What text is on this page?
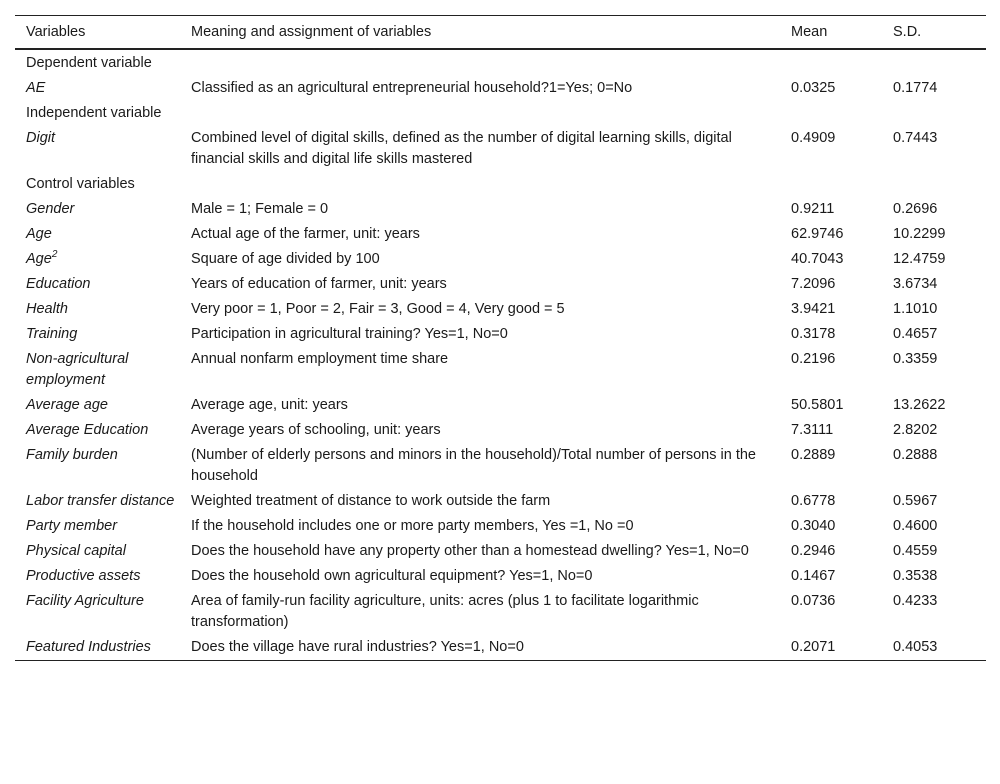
Variables	Meaning and assignment of variables	Mean	S.D.
Dependent variable			
AE	Classified as an agricultural entrepreneurial household?1=Yes; 0=No	0.0325	0.1774
Independent variable			
Digit	Combined level of digital skills, defined as the number of digital learning skills, digital financial skills and digital life skills mastered	0.4909	0.7443
Control variables			
Gender	Male = 1; Female = 0	0.9211	0.2696
Age	Actual age of the farmer, unit: years	62.9746	10.2299
Age$^2$	Square of age divided by 100	40.7043	12.4759
Education	Years of education of farmer, unit: years	7.2096	3.6734
Health	Very poor = 1, Poor = 2, Fair = 3, Good = 4, Very good = 5	3.9421	1.1010
Training	Participation in agricultural training? Yes=1, No=0	0.3178	0.4657
Non-agricultural employment	Annual nonfarm employment time share	0.2196	0.3359
Average age	Average age, unit: years	50.5801	13.2622
Average Education	Average years of schooling, unit: years	7.3111	2.8202
Family burden	(Number of elderly persons and minors in the household)/Total number of persons in the household	0.2889	0.2888
Labor transfer distance	Weighted treatment of distance to work outside the farm	0.6778	0.5967
Party member	If the household includes one or more party members, Yes =1, No =0	0.3040	0.4600
Physical capital	Does the household have any property other than a homestead dwelling? Yes=1, No=0	0.2946	0.4559
Productive assets	Does the household own agricultural equipment? Yes=1, No=0	0.1467	0.3538
Facility Agriculture	Area of family-run facility agriculture, units: acres (plus 1 to facilitate logarithmic transformation)	0.0736	0.4233
Featured Industries	Does the village have rural industries? Yes=1, No=0	0.2071	0.4053
